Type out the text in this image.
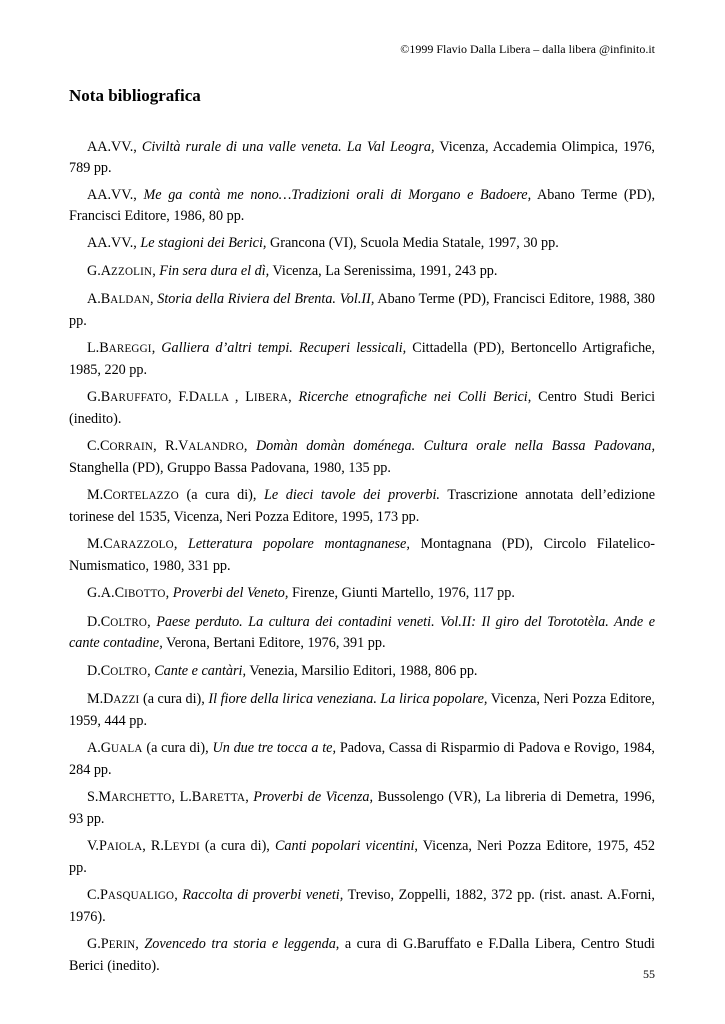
©1999 Flavio Dalla Libera – dalla libera @infinito.it
Nota bibliografica

AA.VV., Civiltà rurale di una valle veneta. La Val Leogra, Vicenza, Accademia Olimpica, 1976, 789 pp.

AA.VV., Me ga contà me nono…Tradizioni orali di Morgano e Badoere, Abano Terme (PD), Francisci Editore, 1986, 80 pp.

AA.VV., Le stagioni dei Berici, Grancona (VI), Scuola Media Statale, 1997, 30 pp.

G.AZZOLIN, Fin sera dura el dì, Vicenza, La Serenissima, 1991, 243 pp.

A.BALDAN, Storia della Riviera del Brenta. Vol.II, Abano Terme (PD), Francisci Editore, 1988, 380 pp.

L.BAREGGI, Galliera d’altri tempi. Recuperi lessicali, Cittadella (PD), Bertoncello Artigrafiche, 1985, 220 pp.

G.BARUFFATO, F.DALLA , LIBERA, Ricerche etnografiche nei Colli Berici, Centro Studi Berici (inedito).

C.CORRAIN, R.VALANDRO, Domàn domàn doménega. Cultura orale nella Bassa Padovana, Stanghella (PD), Gruppo Bassa Padovana, 1980, 135 pp.

M.CORTELAZZO (a cura di), Le dieci tavole dei proverbi. Trascrizione annotata dell’edizione torinese del 1535, Vicenza, Neri Pozza Editore, 1995, 173 pp.

M.CARAZZOLO, Letteratura popolare montagnanese, Montagnana (PD), Circolo Filatelico-Numismatico, 1980, 331 pp.

G.A.CIBOTTO, Proverbi del Veneto, Firenze, Giunti Martello, 1976, 117 pp.

D.COLTRO, Paese perduto. La cultura dei contadini veneti. Vol.II: Il giro del Torototèla. Ande e cante contadine, Verona, Bertani Editore, 1976, 391 pp.

D.COLTRO, Cante e cantàri, Venezia, Marsilio Editori, 1988, 806 pp.

M.DAZZI (a cura di), Il fiore della lirica veneziana. La lirica popolare, Vicenza, Neri Pozza Editore, 1959, 444 pp.

A.GUALA (a cura di), Un due tre tocca a te, Padova, Cassa di Risparmio di Padova e Rovigo, 1984, 284 pp.

S.MARCHETTO, L.BARETTA, Proverbi de Vicenza, Bussolengo (VR), La libreria di Demetra, 1996, 93 pp.

V.PAIOLA, R.LEYDI (a cura di), Canti popolari vicentini, Vicenza, Neri Pozza Editore, 1975, 452 pp.

C.PASQUALIGO, Raccolta di proverbi veneti, Treviso, Zoppelli, 1882, 372 pp. (rist. anast. A.Forni, 1976).

G.PERIN, Zovencedo tra storia e leggenda, a cura di G.Baruffato e F.Dalla Libera, Centro Studi Berici (inedito).

55
